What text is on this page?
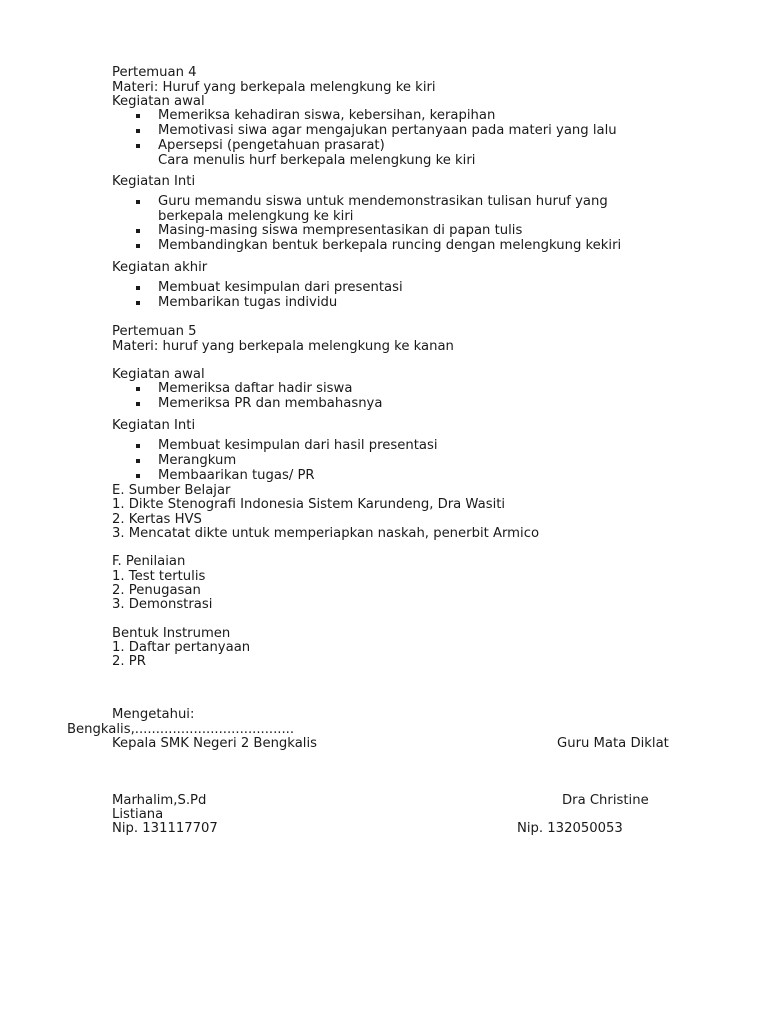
Pertemuan 4
Materi: Huruf yang berkepala melengkung ke kiri
Kegiatan awal
Memeriksa kehadiran siswa, kebersihan, kerapihan
Memotivasi siwa agar mengajukan pertanyaan pada materi yang lalu
Apersepsi (pengetahuan prasarat)
Cara menulis hurf berkepala melengkung ke kiri
Kegiatan Inti
Guru memandu siswa untuk mendemonstrasikan tulisan huruf yang
berkepala melengkung ke kiri
Masing-masing siswa mempresentasikan di papan tulis
Membandingkan bentuk berkepala runcing dengan melengkung kekiri
Kegiatan akhir
Membuat kesimpulan dari presentasi
Membarikan tugas individu
Pertemuan 5
Materi: huruf yang berkepala melengkung ke kanan
Kegiatan awal
Memeriksa daftar hadir siswa
Memeriksa PR dan membahasnya
Kegiatan Inti
Membuat kesimpulan dari hasil presentasi
Merangkum
Membaarikan tugas/ PR
E. Sumber Belajar
1. Dikte Stenografi Indonesia Sistem Karundeng, Dra Wasiti
2. Kertas HVS
3. Mencatat dikte untuk memperiapkan naskah, penerbit Armico
F. Penilaian
1. Test tertulis
2. Penugasan
3. Demonstrasi
Bentuk Instrumen
1. Daftar pertanyaan
2. PR
Mengetahui:
Bengkalis,......................................
Kepala SMK Negeri 2 Bengkalis	Guru Mata Diklat
Marhalim,S.Pd	Dra Christine
Listiana
Nip. 131117707	Nip. 132050053
